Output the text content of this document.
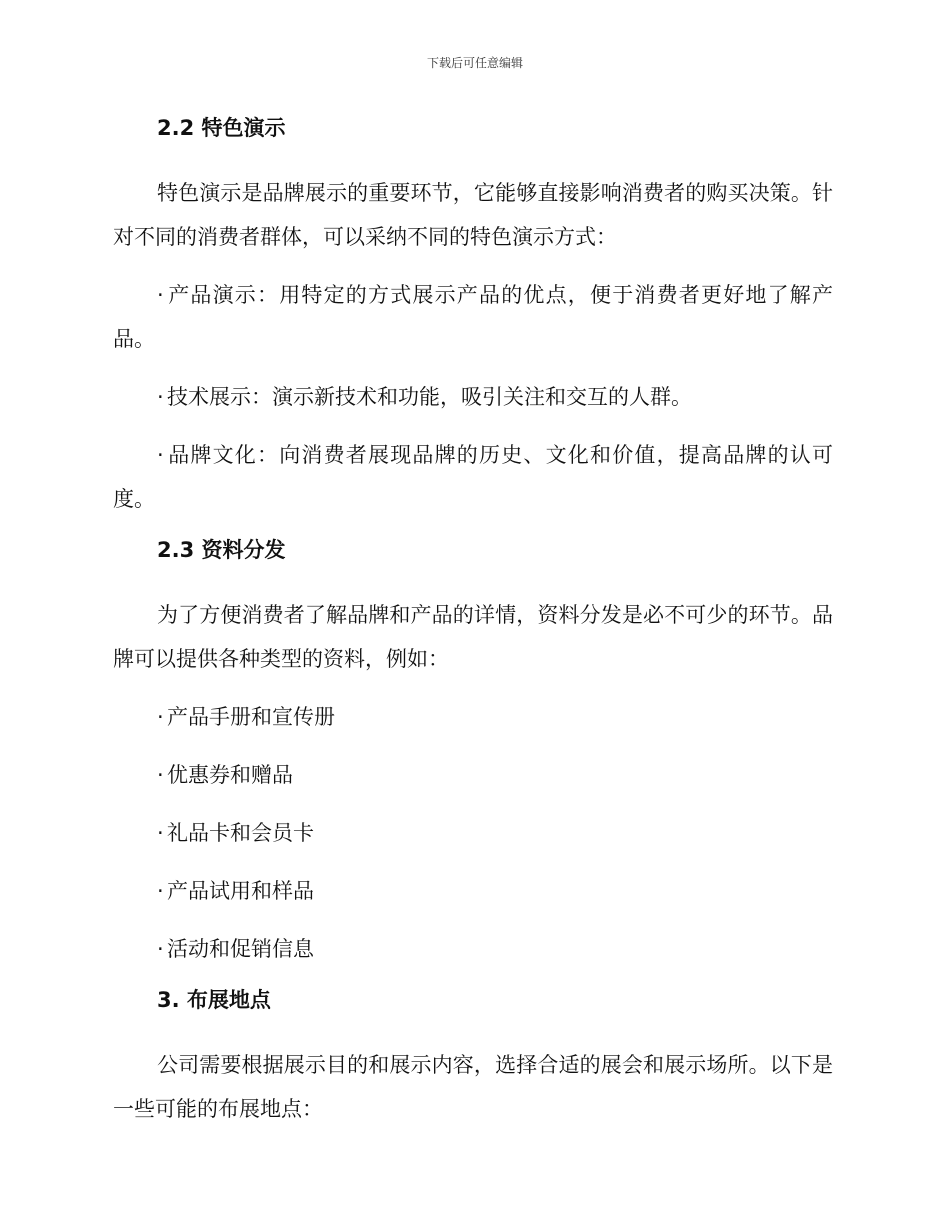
下载后可任意编辑
2.2 特色演示

特色演示是品牌展示的重要环节，它能够直接影响消费者的购买决策。针对不同的消费者群体，可以采纳不同的特色演示方式：

· 产品演示：用特定的方式展示产品的优点，便于消费者更好地了解产品。

· 技术展示：演示新技术和功能，吸引关注和交互的人群。

· 品牌文化：向消费者展现品牌的历史、文化和价值，提高品牌的认可度。

2.3 资料分发

为了方便消费者了解品牌和产品的详情，资料分发是必不可少的环节。品牌可以提供各种类型的资料，例如：

· 产品手册和宣传册

· 优惠券和赠品

· 礼品卡和会员卡

· 产品试用和样品

· 活动和促销信息

3. 布展地点

公司需要根据展示目的和展示内容，选择合适的展会和展示场所。以下是一些可能的布展地点：
